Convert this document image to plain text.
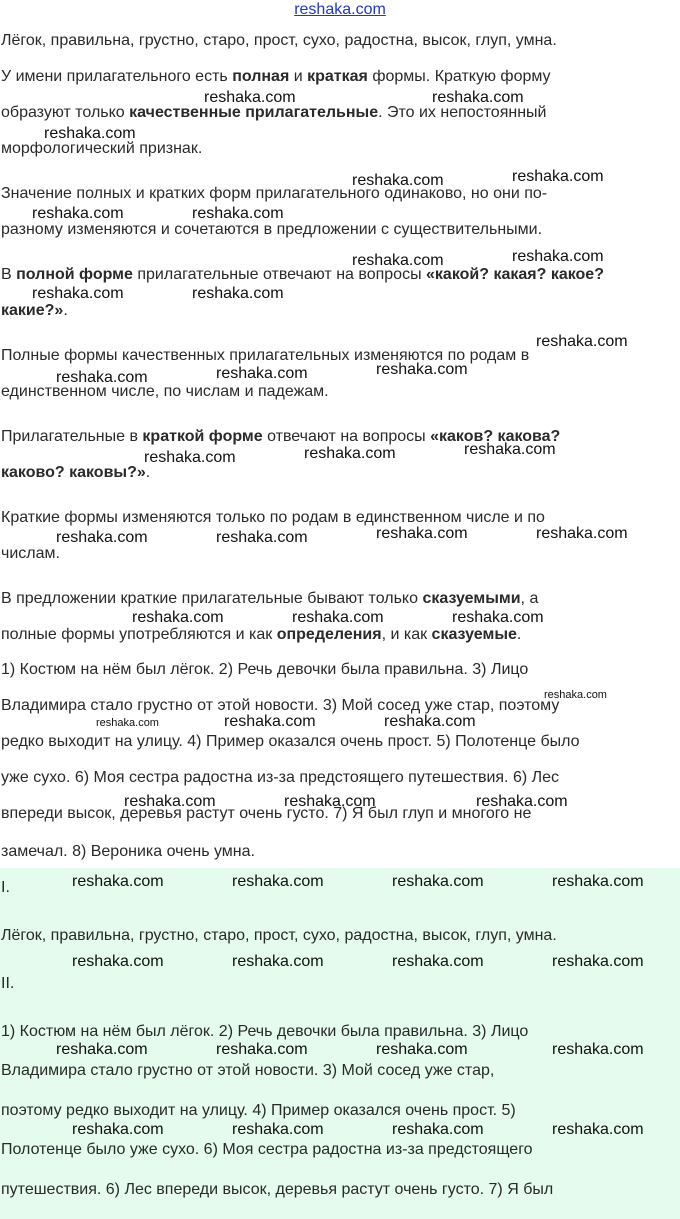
reshaka.com
Лёгок, правильна, грустно, старо, прост, сухо, радостна, высок, глуп, умна.
У имени прилагательного есть полная и краткая формы. Краткую форму
образуют только качественные прилагательные. Это их непостоянный
морфологический признак.
Значение полных и кратких форм прилагательного одинаково, но они по-
разному изменяются и сочетаются в предложении с существительными.
В полной форме прилагательные отвечают на вопросы «какой? какая? какое?
какие?».
Полные формы качественных прилагательных изменяются по родам в
единственном числе, по числам и падежам.
Прилагательные в краткой форме отвечают на вопросы «каков? какова?
каково? каковы?».
Краткие формы изменяются только по родам в единственном числе и по
числам.
В предложении краткие прилагательные бывают только сказуемыми, а
полные формы употребляются и как определения, и как сказуемые.
1) Костюм на нём был лёгок. 2) Речь девочки была правильна. 3) Лицо
Владимира стало грустно от этой новости. 3) Мой сосед уже стар, поэтому
редко выходит на улицу. 4) Пример оказался очень прост. 5) Полотенце было
уже сухо. 6) Моя сестра радостна из-за предстоящего путешествия. 6) Лес
впереди высок, деревья растут очень густо. 7) Я был глуп и многого не
замечал. 8) Вероника очень умна.
I.
Лёгок, правильна, грустно, старо, прост, сухо, радостна, высок, глуп, умна.
II.
1) Костюм на нём был лёгок. 2) Речь девочки была правильна. 3) Лицо
Владимира стало грустно от этой новости. 3) Мой сосед уже стар,
поэтому редко выходит на улицу. 4) Пример оказался очень прост. 5)
Полотенце было уже сухо. 6) Моя сестра радостна из-за предстоящего
путешествия. 6) Лес впереди высок, деревья растут очень густо. 7) Я был
reshaka.com	reshaka.com
reshaka.com
reshaka.com	reshaka.com
reshaka.com	reshaka.com
reshaka.com	reshaka.com
reshaka.com	reshaka.com
reshaka.com
reshaka.com	reshaka.com	reshaka.com
reshaka.com	reshaka.com	reshaka.com
reshaka.com	reshaka.com	reshaka.com	reshaka.com
reshaka.com	reshaka.com	reshaka.com
reshaka.com
reshaka.com	reshaka.com	reshaka.com
reshaka.com	reshaka.com	reshaka.com
reshaka.com	reshaka.com	reshaka.com	reshaka.com
reshaka.com	reshaka.com	reshaka.com	reshaka.com
reshaka.com	reshaka.com	reshaka.com	reshaka.com
reshaka.com	reshaka.com	reshaka.com	reshaka.com
